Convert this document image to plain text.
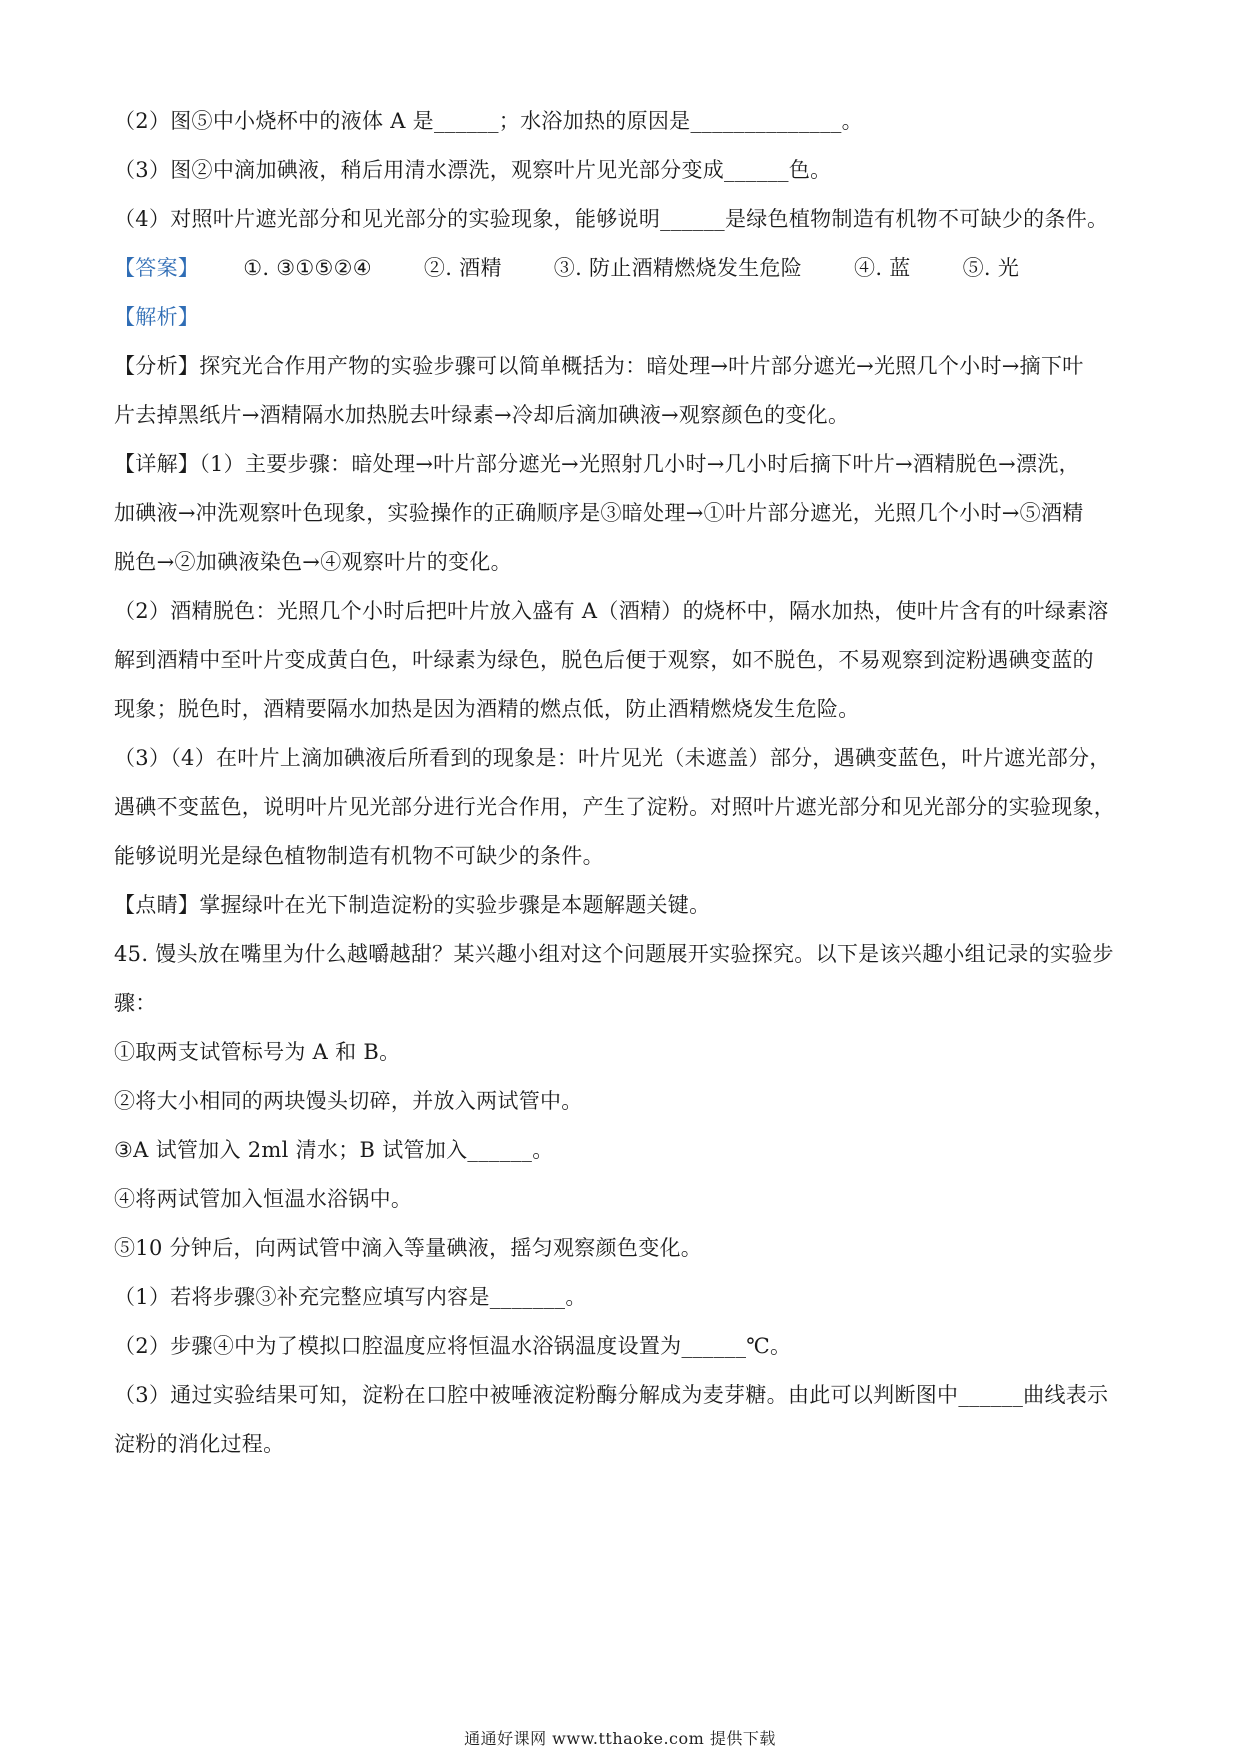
（2）图⑤中小烧杯中的液体 A 是______；水浴加热的原因是______________。
（3）图②中滴加碘液，稍后用清水漂洗，观察叶片见光部分变成______色。
（4）对照叶片遮光部分和见光部分的实验现象，能够说明______是绿色植物制造有机物不可缺少的条件。
【答案】 ①. ③①⑤②④ ②. 酒精 ③. 防止酒精燃烧发生危险 ④. 蓝 ⑤. 光
【解析】
【分析】探究光合作用产物的实验步骤可以简单概括为：暗处理→叶片部分遮光→光照几个小时→摘下叶
片去掉黑纸片→酒精隔水加热脱去叶绿素→冷却后滴加碘液→观察颜色的变化。
【详解】（1）主要步骤：暗处理→叶片部分遮光→光照射几小时→几小时后摘下叶片→酒精脱色→漂洗，
加碘液→冲洗观察叶色现象，实验操作的正确顺序是③暗处理→①叶片部分遮光，光照几个小时→⑤酒精
脱色→②加碘液染色→④观察叶片的变化。
（2）酒精脱色：光照几个小时后把叶片放入盛有 A（酒精）的烧杯中，隔水加热，使叶片含有的叶绿素溶
解到酒精中至叶片变成黄白色，叶绿素为绿色，脱色后便于观察，如不脱色，不易观察到淀粉遇碘变蓝的
现象；脱色时，酒精要隔水加热是因为酒精的燃点低，防止酒精燃烧发生危险。
（3）（4）在叶片上滴加碘液后所看到的现象是：叶片见光（未遮盖）部分，遇碘变蓝色，叶片遮光部分，
遇碘不变蓝色，说明叶片见光部分进行光合作用，产生了淀粉。对照叶片遮光部分和见光部分的实验现象，
能够说明光是绿色植物制造有机物不可缺少的条件。
【点睛】掌握绿叶在光下制造淀粉的实验步骤是本题解题关键。
45. 馒头放在嘴里为什么越嚼越甜？某兴趣小组对这个问题展开实验探究。以下是该兴趣小组记录的实验步
骤：
①取两支试管标号为 A 和 B。
②将大小相同的两块馒头切碎，并放入两试管中。
③A 试管加入 2ml 清水；B 试管加入______。
④将两试管加入恒温水浴锅中。
⑤10 分钟后，向两试管中滴入等量碘液，摇匀观察颜色变化。
（1）若将步骤③补充完整应填写内容是_______。
（2）步骤④中为了模拟口腔温度应将恒温水浴锅温度设置为______℃。
（3）通过实验结果可知，淀粉在口腔中被唾液淀粉酶分解成为麦芽糖。由此可以判断图中______曲线表示
淀粉的消化过程。
通通好课网 www.tthaoke.com 提供下载
